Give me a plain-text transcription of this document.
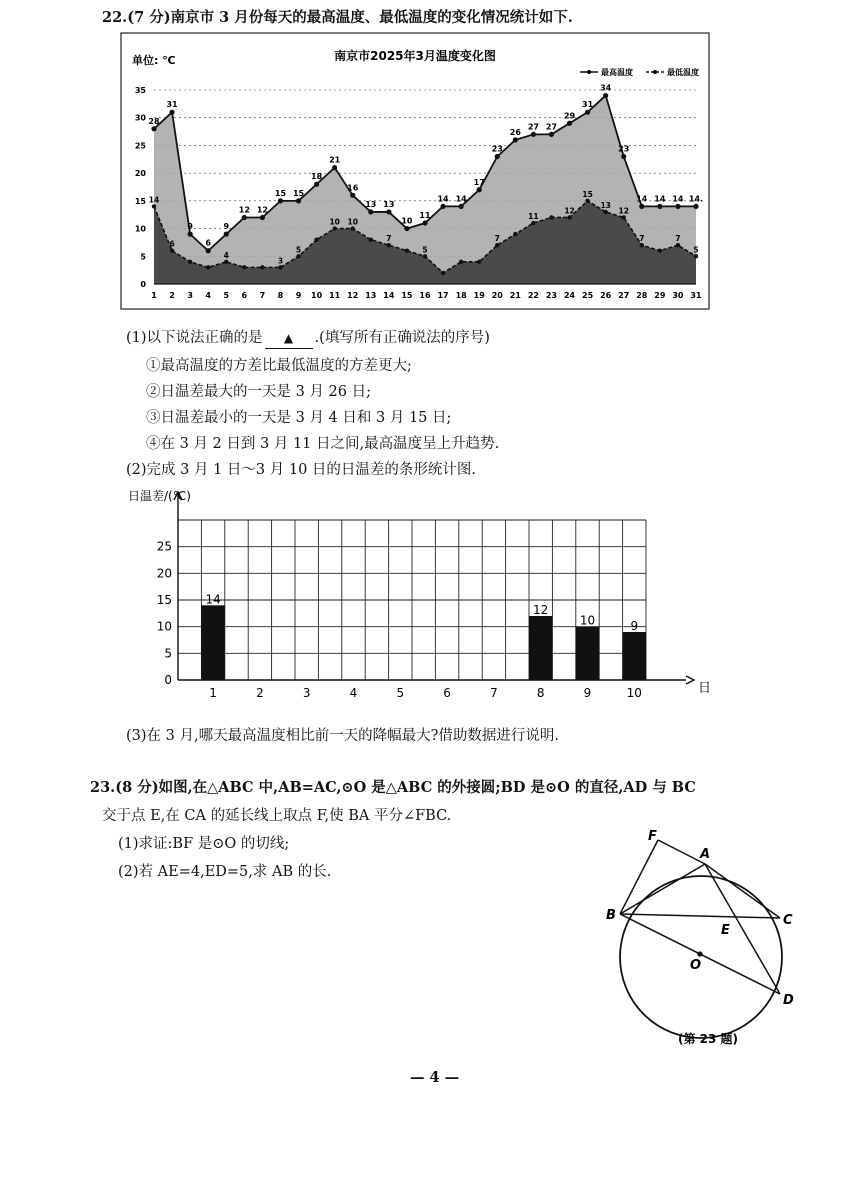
22.(7 分)南京市 3 月份每天的最高温度、最低温度的变化情况统计如下.
单位: ℃	南京市2025年3月温度变化图
最高温度	最低温度
0
5
10
15
20
25
30
35
28
31
9
6
9
12 12
15 15
18
21
16
13 13
10
11
14 14
17
23
26
27 27
29
31
34
23
14 14 14 14.
14
6
4
3
5
10 10
7
5
7
11
12
15
13
12
7	7
5
1 2 3 4 5 6 7 8 9 10 11 12 13 14 15 16 17 18 19 20 21 22 23 24 25 26 27 28 29 30 31
(1)以下说法正确的是 ▲ .(填写所有正确说法的序号)
①最高温度的方差比最低温度的方差更大;
②日温差最大的一天是 3 月 26 日;
③日温差最小的一天是 3 月 4 日和 3 月 15 日;
④在 3 月 2 日到 3 月 11 日之间,最高温度呈上升趋势.
(2)完成 3 月 1 日～3 月 10 日的日温差的条形统计图.
日温差/(℃)
日
0
5
10
15
20
25
1
14
2	3	4	5	6	7	8
12
9
10
10
9
(3)在 3 月,哪天最高温度相比前一天的降幅最大?借助数据进行说明.
23.(8 分)如图,在△ABC 中,AB=AC,⊙O 是△ABC 的外接圆;BD 是⊙O 的直径,AD 与 BC
交于点 E,在 CA 的延长线上取点 F,使 BA 平分∠FBC.
(1)求证:BF 是⊙O 的切线;
(2)若 AE=4,ED=5,求 AB 的长.
F
A
B	C
E
O
D
(第 23 题)
— 4 —
